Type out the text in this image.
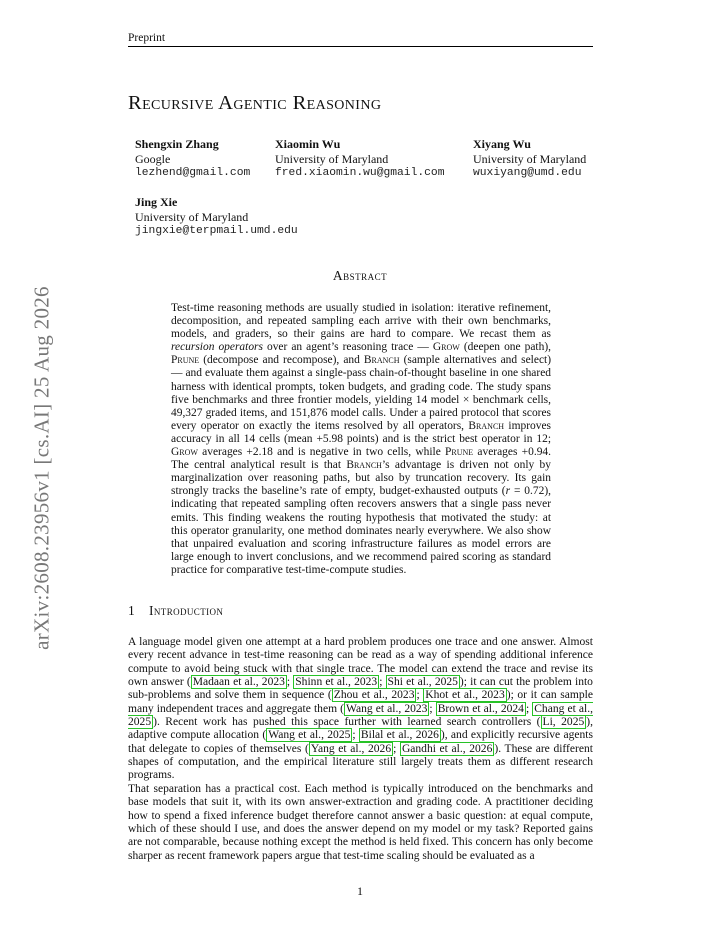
Preprint
arXiv:2608.23956v1 [cs.AI] 25 Aug 2026
Recursive Agentic Reasoning
Shengxin Zhang
Google
lezhend@gmail.com
Xiaomin Wu
University of Maryland
fred.xiaomin.wu@gmail.com
Xiyang Wu
University of Maryland
wuxiyang@umd.edu
Jing Xie
University of Maryland
jingxie@terpmail.umd.edu
Abstract
Test-time reasoning methods are usually studied in isolation: iterative refinement, decomposition, and repeated sampling each arrive with their own benchmarks, models, and graders, so their gains are hard to compare. We recast them as recursion operators over an agent’s reasoning trace — Grow (deepen one path), Prune (decompose and recompose), and Branch (sample alternatives and select) — and evaluate them against a single-pass chain-of-thought baseline in one shared harness with identical prompts, token budgets, and grading code. The study spans five benchmarks and three frontier models, yielding 14 model × benchmark cells, 49,327 graded items, and 151,876 model calls. Under a paired protocol that scores every operator on exactly the items resolved by all operators, Branch improves accuracy in all 14 cells (mean +5.98 points) and is the strict best operator in 12; Grow averages +2.18 and is negative in two cells, while Prune averages +0.94. The central analytical result is that Branch’s advantage is driven not only by marginalization over reasoning paths, but also by truncation recovery. Its gain strongly tracks the baseline’s rate of empty, budget-exhausted outputs (r = 0.72), indicating that repeated sampling often recovers answers that a single pass never emits. This finding weakens the routing hypothesis that motivated the study: at this operator granularity, one method dominates nearly everywhere. We also show that unpaired evaluation and scoring infrastructure failures as model errors are large enough to invert conclusions, and we recommend paired scoring as standard practice for comparative test-time-compute studies.
1 Introduction
A language model given one attempt at a hard problem produces one trace and one answer. Almost every recent advance in test-time reasoning can be read as a way of spending additional inference compute to avoid being stuck with that single trace. The model can extend the trace and revise its own answer ( Madaan et al., 2023 ; Shinn et al., 2023 ; Shi et al., 2025 ); it can cut the problem into sub-problems and solve them in sequence ( Zhou et al., 2023 ; Khot et al., 2023 ); or it can sample many independent traces and aggregate them ( Wang et al., 2023 ; Brown et al., 2024 ; Chang et al., 2025 ). Recent work has pushed this space further with learned search controllers ( Li, 2025 ), adaptive compute allocation ( Wang et al., 2025 ; Bilal et al., 2026 ), and explicitly recursive agents that delegate to copies of themselves ( Yang et al., 2026 ; Gandhi et al., 2026 ). These are different shapes of computation, and the empirical literature still largely treats them as different research programs.
That separation has a practical cost. Each method is typically introduced on the benchmarks and base models that suit it, with its own answer-extraction and grading code. A practitioner deciding how to spend a fixed inference budget therefore cannot answer a basic question: at equal compute, which of these should I use, and does the answer depend on my model or my task? Reported gains are not comparable, because nothing except the method is held fixed. This concern has only become sharper as recent framework papers argue that test-time scaling should be evaluated as a
1
